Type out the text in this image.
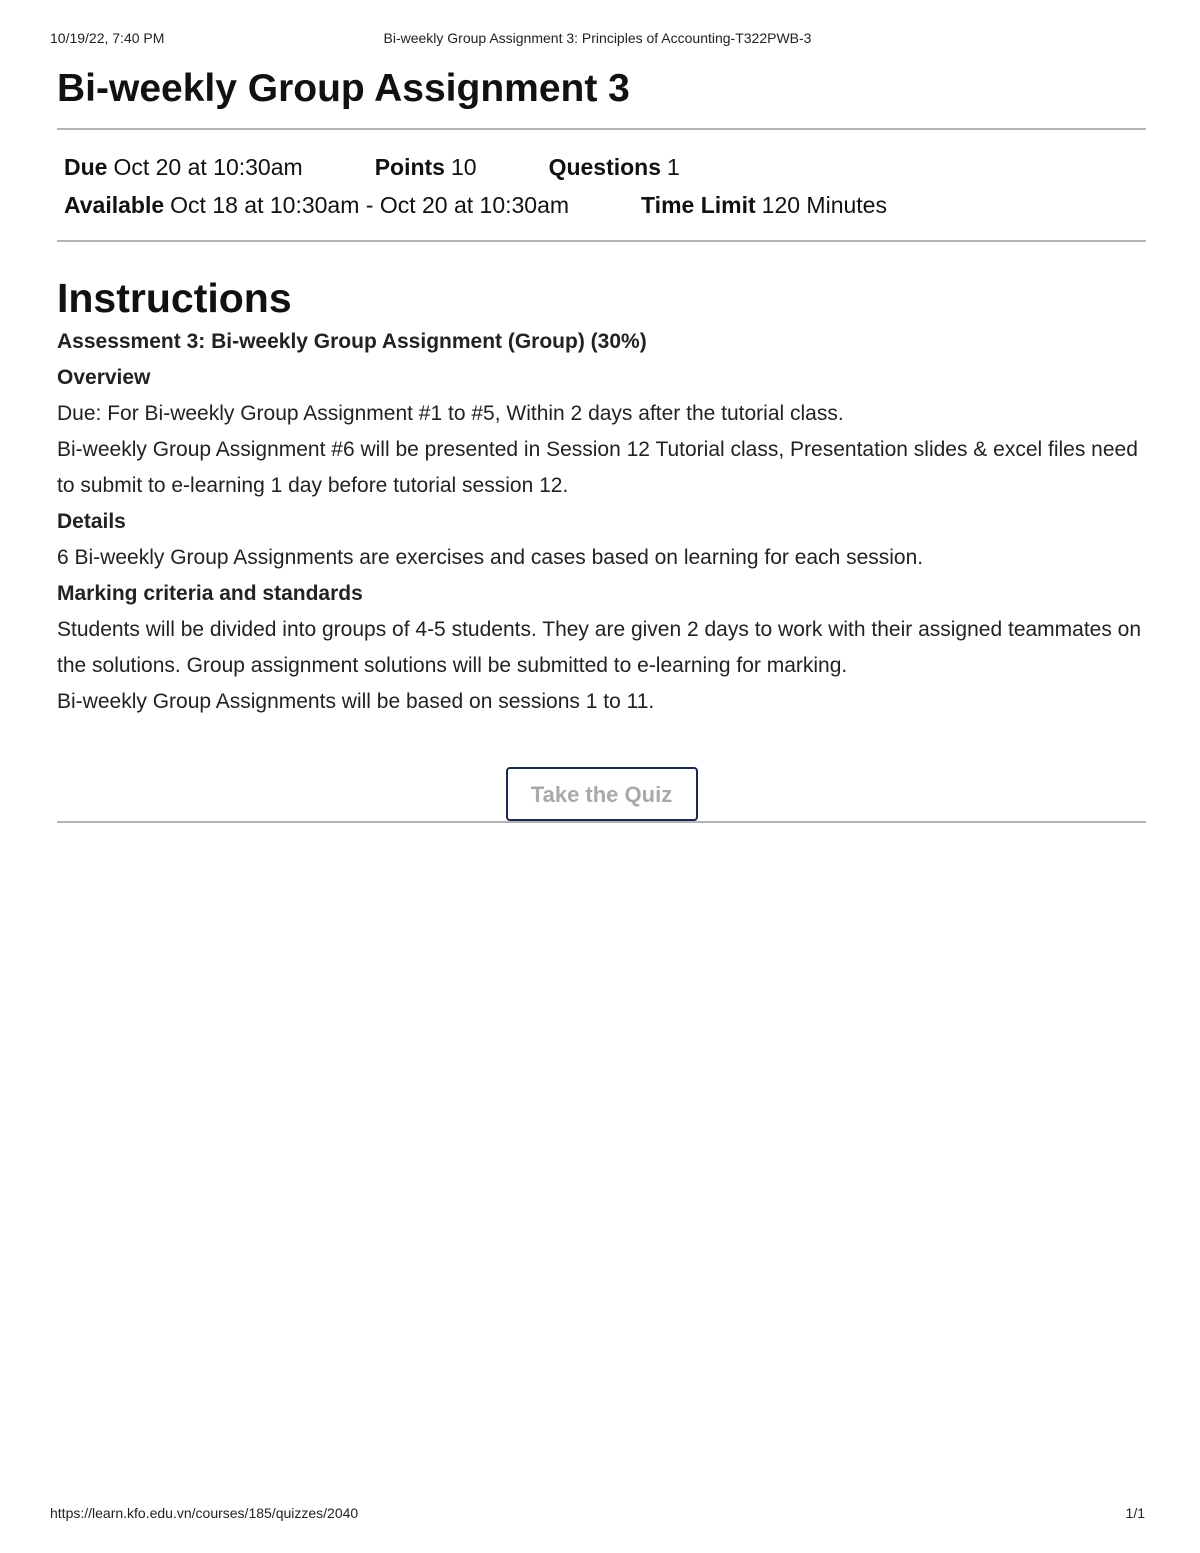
10/19/22, 7:40 PM	Bi-weekly Group Assignment 3: Principles of Accounting-T322PWB-3
Bi-weekly Group Assignment 3
Due Oct 20 at 10:30am	Points 10	Questions 1
Available Oct 18 at 10:30am - Oct 20 at 10:30am	Time Limit 120 Minutes
Instructions
Assessment 3: Bi-weekly Group Assignment (Group) (30%)
Overview

Due: For Bi-weekly Group Assignment #1 to #5, Within 2 days after the tutorial class.

Bi-weekly Group Assignment #6 will be presented in Session 12 Tutorial class, Presentation slides & excel files need to submit to e-learning 1 day before tutorial session 12.

Details

6 Bi-weekly Group Assignments are exercises and cases based on learning for each session.

Marking criteria and standards

Students will be divided into groups of 4-5 students. They are given 2 days to work with their assigned teammates on the solutions. Group assignment solutions will be submitted to e-learning for marking.

Bi-weekly Group Assignments will be based on sessions 1 to 11.

Take the Quiz
https://learn.kfo.edu.vn/courses/185/quizzes/2040	1/1
